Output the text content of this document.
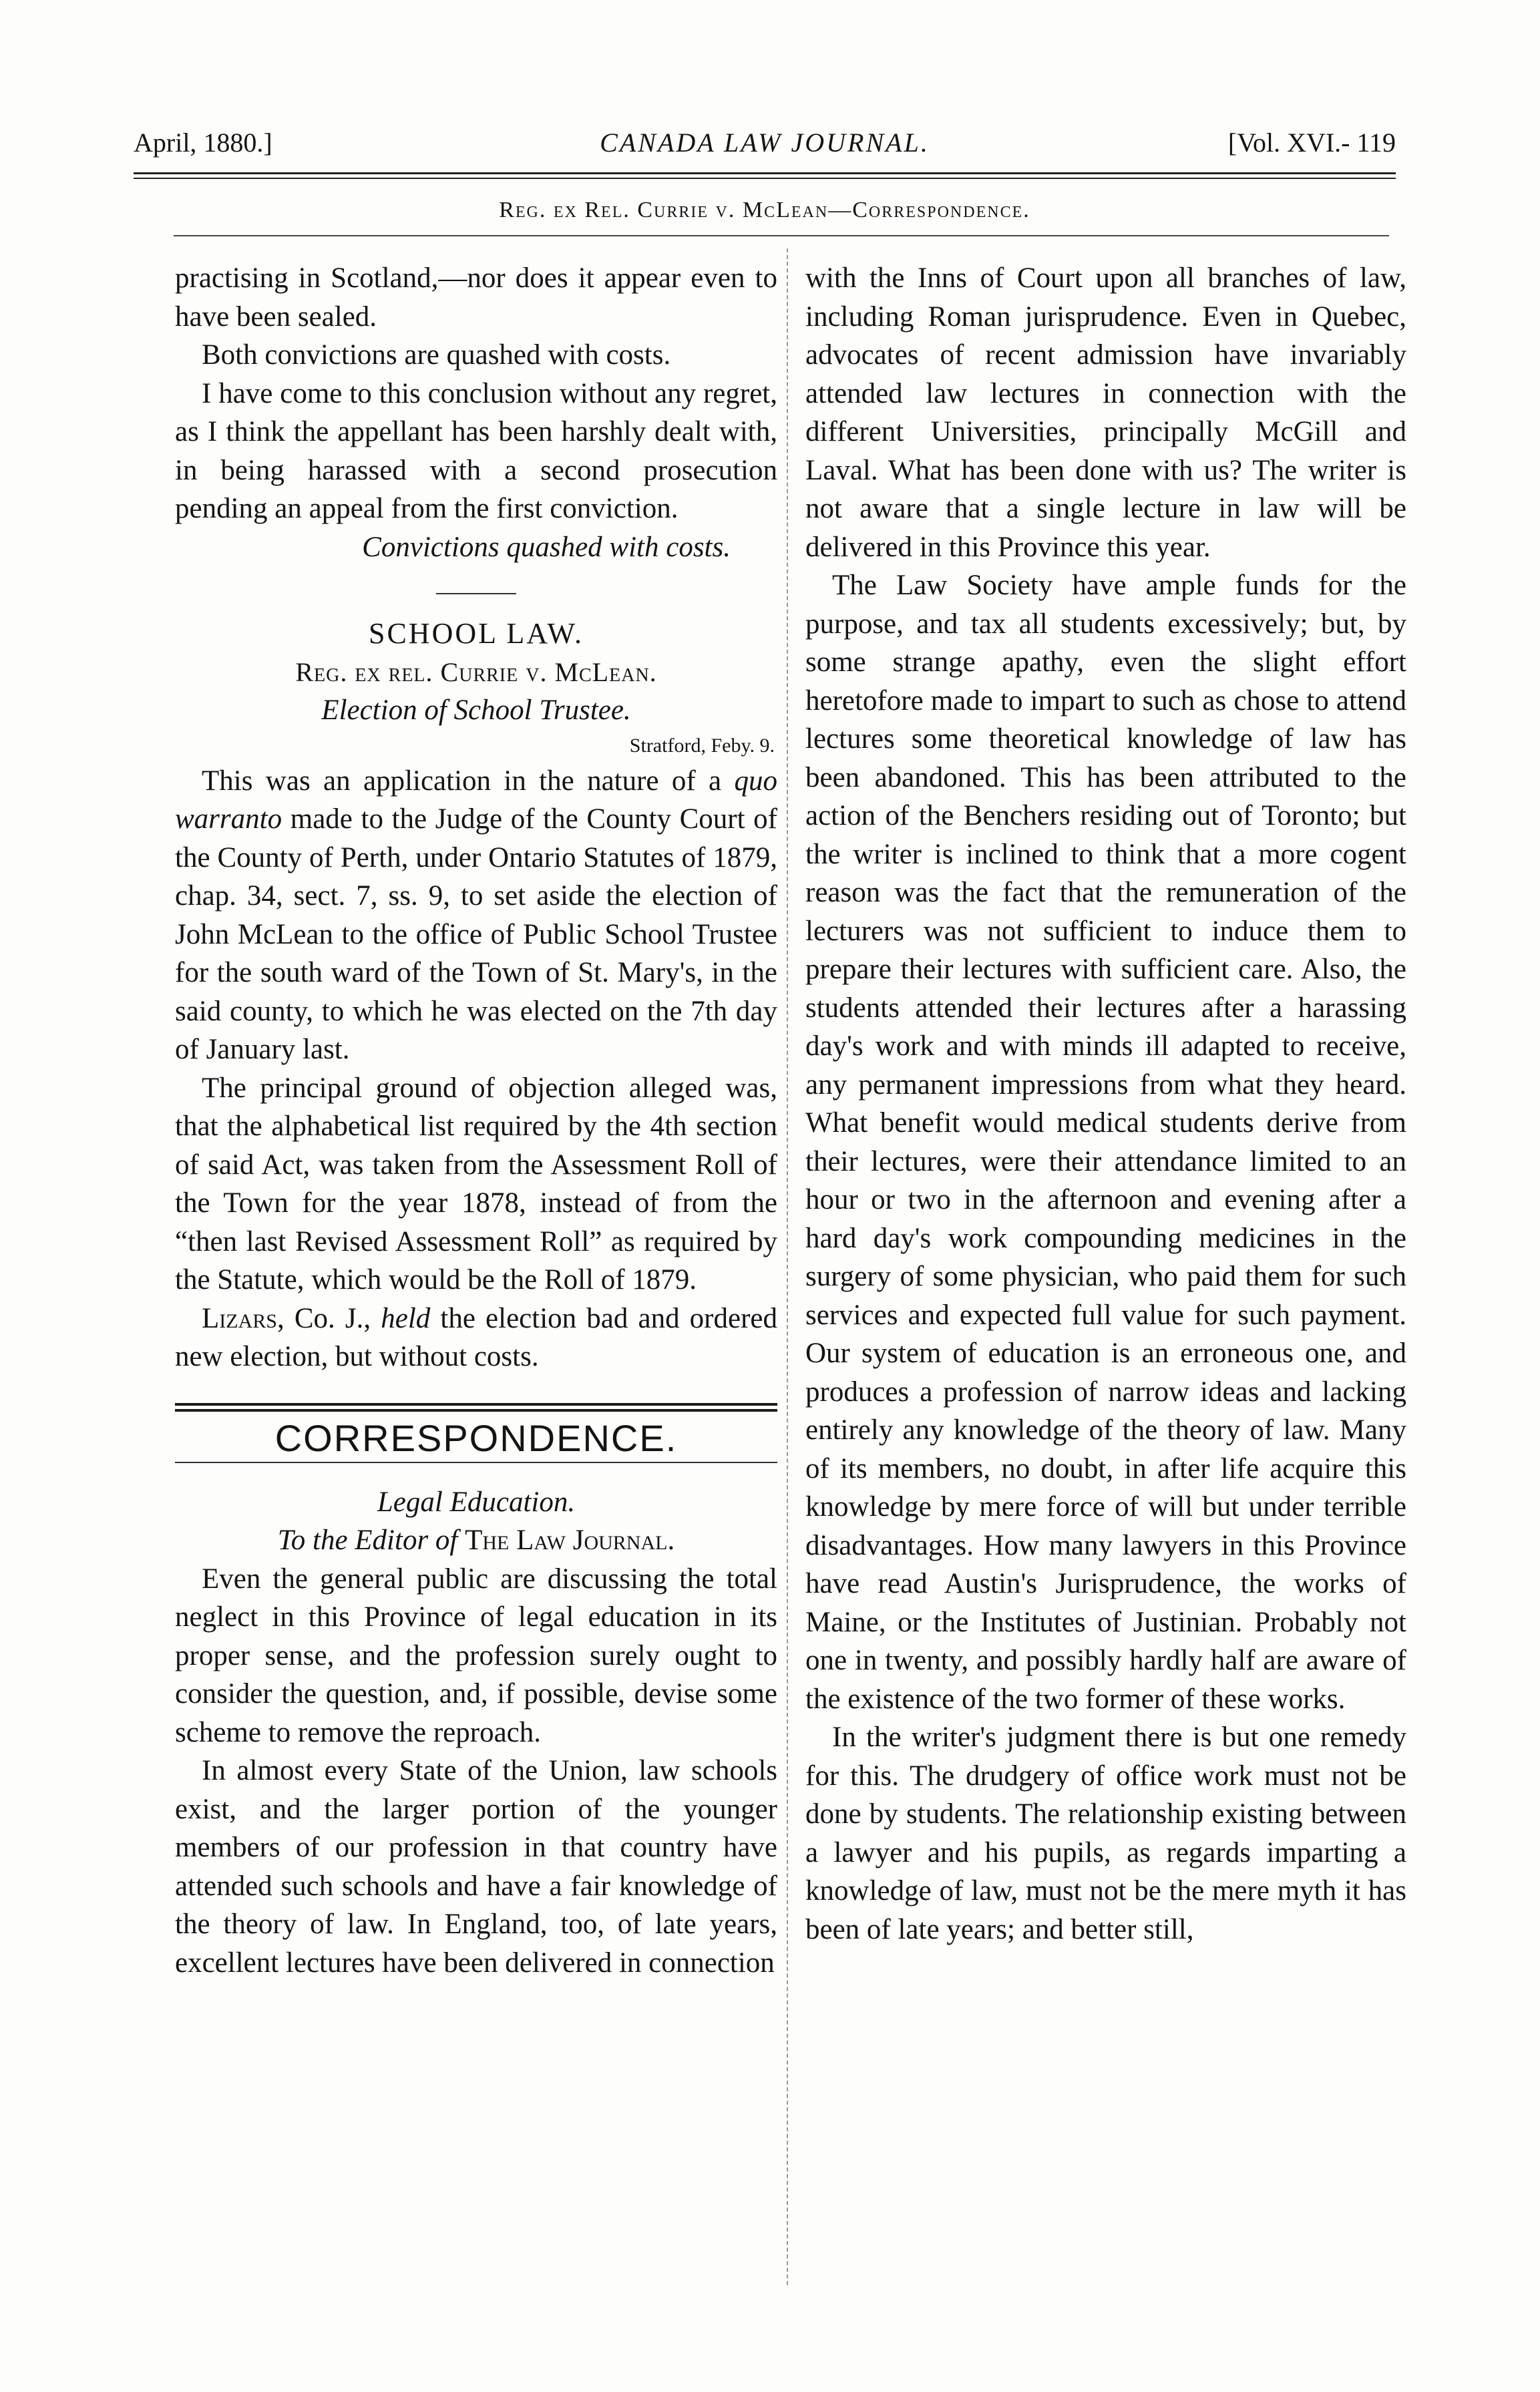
April, 1880.]	CANADA LAW JOURNAL.	[Vol. XVI.- 119
Reg. ex Rel. Currie v. McLean—Correspondence.

practising in Scotland,—nor does it appear even to have been sealed.

Both convictions are quashed with costs.

I have come to this conclusion without any regret, as I think the appellant has been harshly dealt with, in being harassed with a second prosecution pending an appeal from the first conviction.

Convictions quashed with costs.

SCHOOL LAW.

Reg. ex rel. Currie v. McLean.

Election of School Trustee.

Stratford, Feby. 9.

This was an application in the nature of a quo warranto made to the Judge of the County Court of the County of Perth, under Ontario Statutes of 1879, chap. 34, sect. 7, ss. 9, to set aside the election of John McLean to the office of Public School Trustee for the south ward of the Town of St. Mary's, in the said county, to which he was elected on the 7th day of January last.

The principal ground of objection alleged was, that the alphabetical list required by the 4th section of said Act, was taken from the Assessment Roll of the Town for the year 1878, instead of from the “then last Revised Assessment Roll” as required by the Statute, which would be the Roll of 1879.

Lizars, Co. J., held the election bad and ordered new election, but without costs.

CORRESPONDENCE.

Legal Education.

To the Editor of The Law Journal.

Even the general public are discussing the total neglect in this Province of legal education in its proper sense, and the profession surely ought to consider the question, and, if possible, devise some scheme to remove the reproach.

In almost every State of the Union, law schools exist, and the larger portion of the younger members of our profession in that country have attended such schools and have a fair knowledge of the theory of law. In England, too, of late years, excellent lectures have been delivered in connection

with the Inns of Court upon all branches of law, including Roman jurisprudence. Even in Quebec, advocates of recent admission have invariably attended law lectures in connection with the different Universities, principally McGill and Laval. What has been done with us? The writer is not aware that a single lecture in law will be delivered in this Province this year.

The Law Society have ample funds for the purpose, and tax all students excessively; but, by some strange apathy, even the slight effort heretofore made to impart to such as chose to attend lectures some theoretical knowledge of law has been abandoned. This has been attributed to the action of the Benchers residing out of Toronto; but the writer is inclined to think that a more cogent reason was the fact that the remuneration of the lecturers was not sufficient to induce them to prepare their lectures with sufficient care. Also, the students attended their lectures after a harassing day's work and with minds ill adapted to receive, any permanent impressions from what they heard. What benefit would medical students derive from their lectures, were their attendance limited to an hour or two in the afternoon and evening after a hard day's work compounding medicines in the surgery of some physician, who paid them for such services and expected full value for such payment. Our system of education is an erroneous one, and produces a profession of narrow ideas and lacking entirely any knowledge of the theory of law. Many of its members, no doubt, in after life acquire this knowledge by mere force of will but under terrible disadvantages. How many lawyers in this Province have read Austin's Jurisprudence, the works of Maine, or the Institutes of Justinian. Probably not one in twenty, and possibly hardly half are aware of the existence of the two former of these works.

In the writer's judgment there is but one remedy for this. The drudgery of office work must not be done by students. The relationship existing between a lawyer and his pupils, as regards imparting a knowledge of law, must not be the mere myth it has been of late years; and better still,
